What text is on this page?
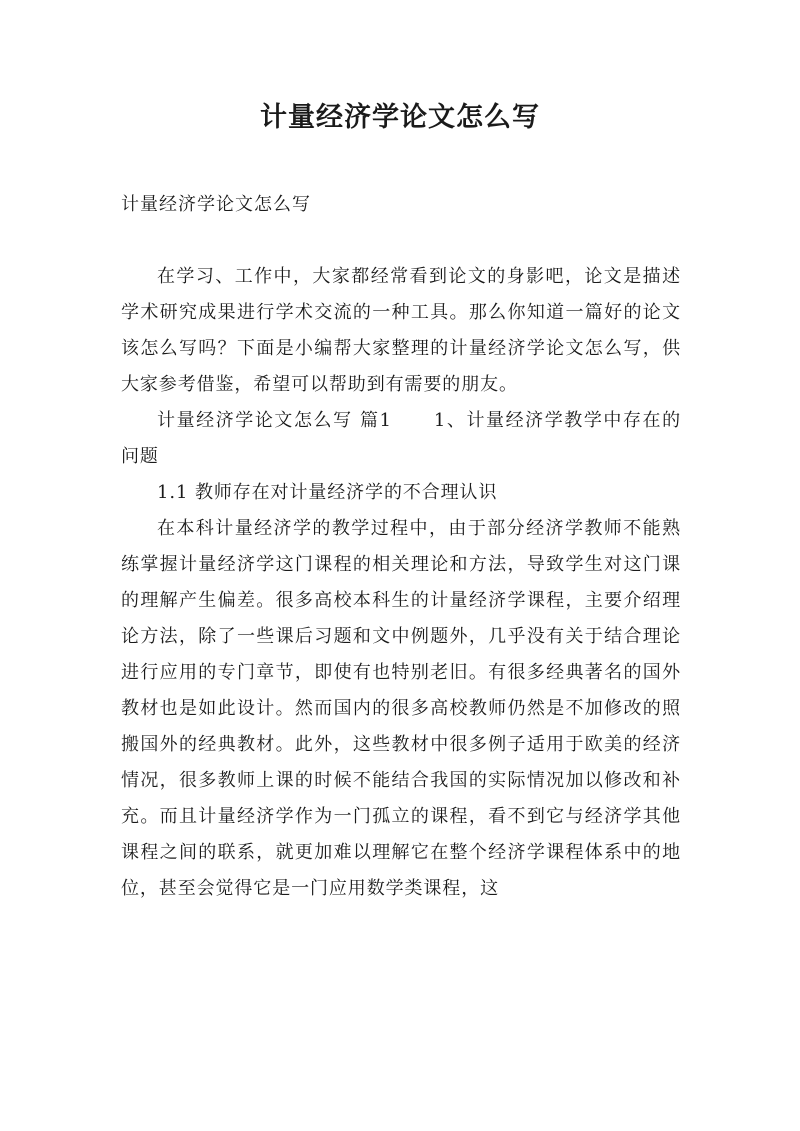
计量经济学论文怎么写

计量经济学论文怎么写

在学习、工作中，大家都经常看到论文的身影吧，论文是描述学术研究成果进行学术交流的一种工具。那么你知道一篇好的论文该怎么写吗？下面是小编帮大家整理的计量经济学论文怎么写，供大家参考借鉴，希望可以帮助到有需要的朋友。

计量经济学论文怎么写 篇1 1、计量经济学教学中存在的问题

1.1 教师存在对计量经济学的不合理认识

在本科计量经济学的教学过程中，由于部分经济学教师不能熟练掌握计量经济学这门课程的相关理论和方法，导致学生对这门课的理解产生偏差。很多高校本科生的计量经济学课程，主要介绍理论方法，除了一些课后习题和文中例题外，几乎没有关于结合理论进行应用的专门章节，即使有也特别老旧。有很多经典著名的国外教材也是如此设计。然而国内的很多高校教师仍然是不加修改的照搬国外的经典教材。此外，这些教材中很多例子适用于欧美的经济情况，很多教师上课的时候不能结合我国的实际情况加以修改和补充。而且计量经济学作为一门孤立的课程，看不到它与经济学其他课程之间的联系，就更加难以理解它在整个经济学课程体系中的地位，甚至会觉得它是一门应用数学类课程，这
